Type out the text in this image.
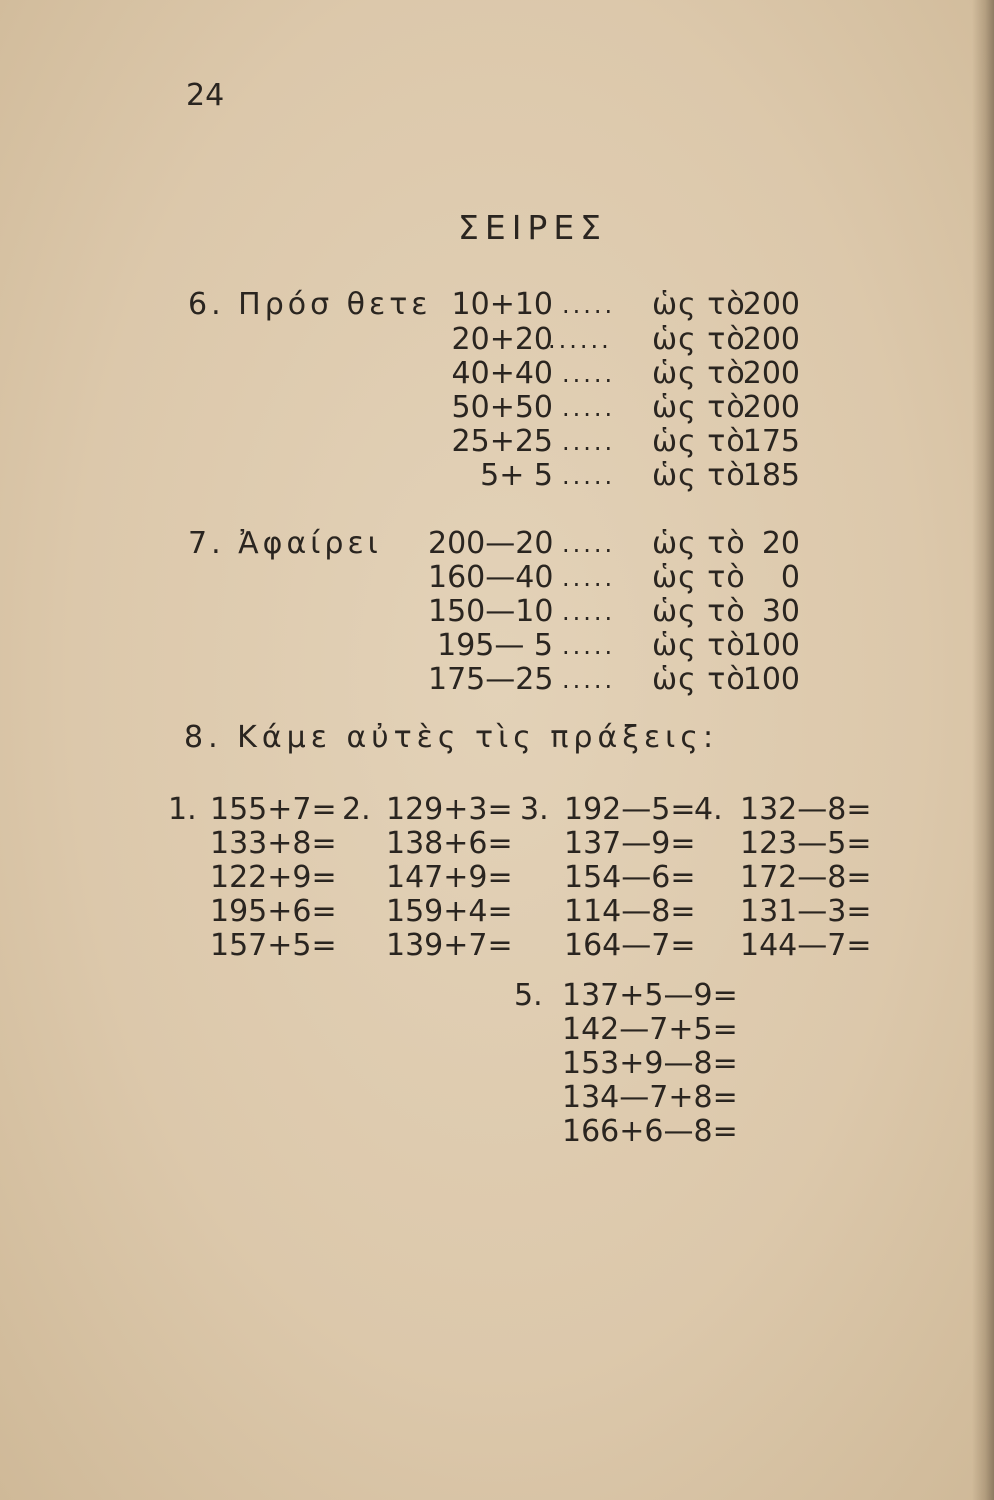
24
ΣΕΙΡΕΣ
6. Πρόσ θετε 10+10 ..... ὡς τὸ
200
20+20
...... ὡς τὸ
200
40+40 ..... ὡς τὸ
200
50+50 ..... ὡς τὸ
200
25+25 ..... ὡς τὸ
175
5+ 5 ..... ὡς τὸ
185
7. Ἀφαίρει 200—20 ..... ὡς τὸ 20
160—40 ..... ὡς τὸ	0
150—10 ..... ὡς τὸ 30
195— 5 ..... ὡς τὸ
100
175—25 ..... ὡς τὸ
100
8. Κάμε αὐτὲς τὶς πράξεις:
1. 155+7=
133+8=
122+9=
195+6=
157+5=
2. 129+3=
138+6=
147+9=
159+4=
139+7=
3. 192—5=
137—9=
154—6=
114—8=
164—7=
4. 132—8=
123—5=
172—8=
131—3=
144—7=
5. 137+5—9=
142—7+5=
153+9—8=
134—7+8=
166+6—8=
